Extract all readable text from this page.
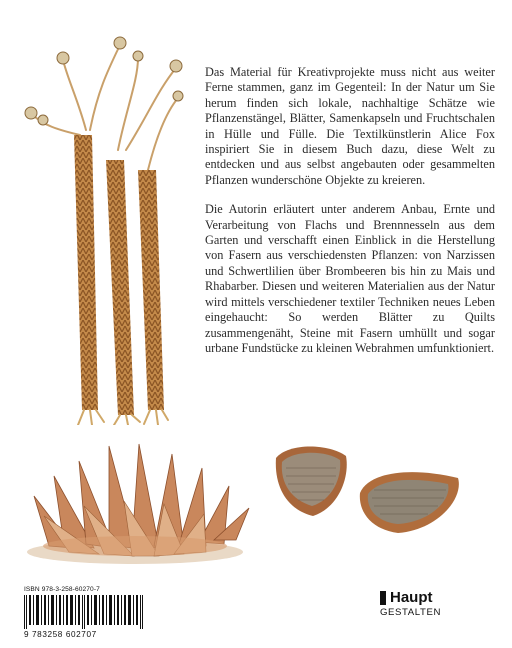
Das Material für Kreativprojekte muss nicht aus weiter Ferne stammen, ganz im Gegenteil: In der Natur um Sie herum finden sich lokale, nachhaltige Schätze wie Pflanzenstängel, Blätter, Samenkapseln und Fruchtschalen in Hülle und Fülle. Die Textilkünstlerin Alice Fox inspiriert Sie in diesem Buch dazu, diese Welt zu entdecken und aus selbst angebauten oder gesammelten Pflanzen wunderschöne Objekte zu kreieren.

Die Autorin erläutert unter anderem Anbau, Ernte und Verarbeitung von Flachs und Brennnesseln aus dem Garten und verschafft einen Einblick in die Herstellung von Fasern aus verschiedensten Pflanzen: von Narzissen und Schwertlilien über Brombeeren bis hin zu Mais und Rhabarber. Diesen und weiteren Materialien aus der Natur wird mittels verschiedener textiler Techniken neues Leben eingehaucht: So werden Blätter zu Quilts zusammengenäht, Steine mit Fasern umhüllt und sogar urbane Fundstücke zu kleinen Webrahmen umfunktioniert.

ISBN 978-3-258-60270-7
9 783258 602707
Haupt
GESTALTEN
